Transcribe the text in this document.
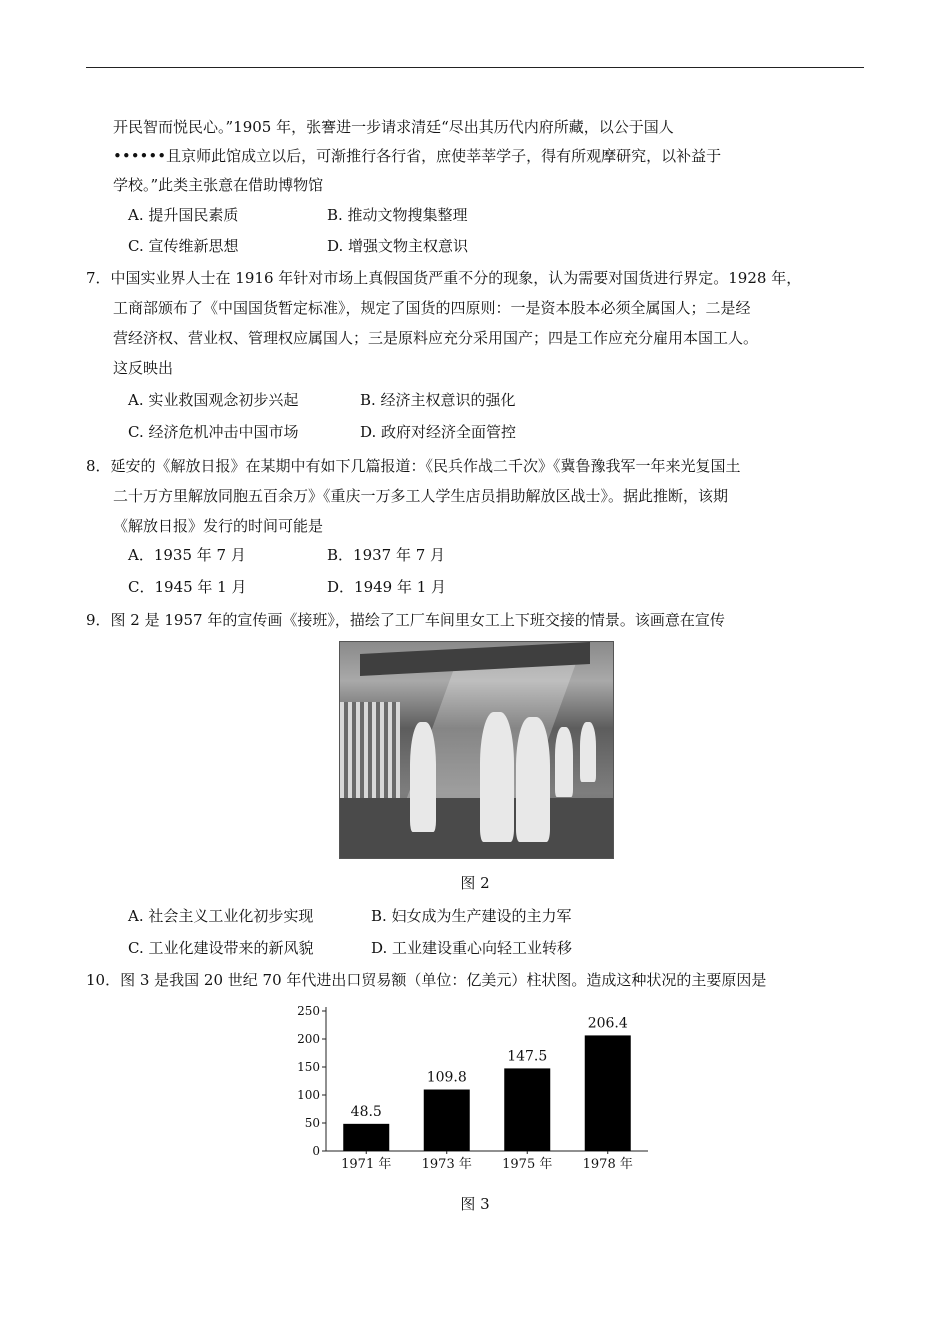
开民智而悦民心。”1905 年，张謇进一步请求清廷“尽出其历代内府所藏，以公于国人
••••••且京师此馆成立以后，可渐推行各行省，庶使莘莘学子，得有所观摩研究，以补益于
学校。”此类主张意在借助博物馆
A. 提升国民素质	B. 推动文物搜集整理
C. 宣传维新思想	D. 增强文物主权意识
7．中国实业界人士在 1916 年针对市场上真假国货严重不分的现象，认为需要对国货进行界定。1928 年，
工商部颁布了《中国国货暂定标准》，规定了国货的四原则：一是资本股本必须全属国人；二是经
营经济权、营业权、管理权应属国人；三是原料应充分采用国产；四是工作应充分雇用本国工人。
这反映出
A. 实业救国观念初步兴起	B. 经济主权意识的强化
C. 经济危机冲击中国市场	D. 政府对经济全面管控
8．延安的《解放日报》在某期中有如下几篇报道：《民兵作战二千次》《冀鲁豫我军一年来光复国土
二十万方里解放同胞五百余万》《重庆一万多工人学生店员捐助解放区战士》。据此推断，该期
《解放日报》发行的时间可能是
A．1935 年 7 月	B．1937 年 7 月
C．1945 年 1 月	D．1949 年 1 月
9．图 2 是 1957 年的宣传画《接班》，描绘了工厂车间里女工上下班交接的情景。该画意在宣传
图 2
A. 社会主义工业化初步实现	B. 妇女成为生产建设的主力军
C. 工业化建设带来的新风貌	D. 工业建设重心向轻工业转移
10．图 3 是我国 20 世纪 70 年代进出口贸易额（单位：亿美元）柱状图。造成这种状况的主要原因是
0
50
100
150
200
250
48.5
1971 年
109.8
1973 年
147.5
1975 年
206.4
1978 年
图 3
